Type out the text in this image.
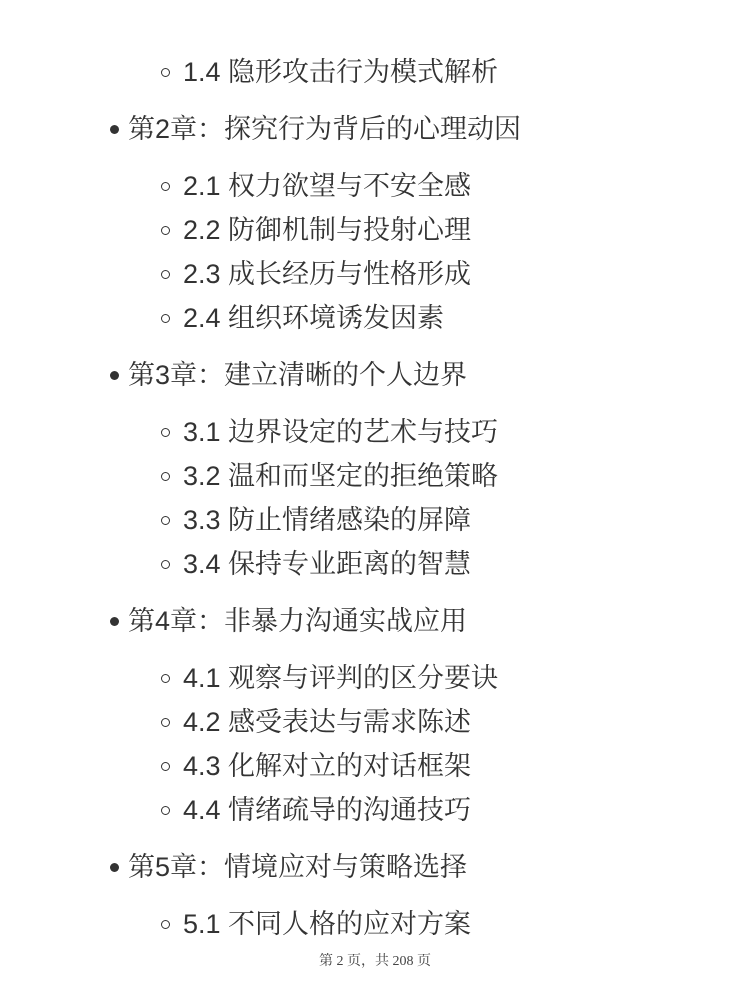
1.4 隐形攻击行为模式解析
第2章：探究行为背后的心理动因
2.1 权力欲望与不安全感
2.2 防御机制与投射心理
2.3 成长经历与性格形成
2.4 组织环境诱发因素
第3章：建立清晰的个人边界
3.1 边界设定的艺术与技巧
3.2 温和而坚定的拒绝策略
3.3 防止情绪感染的屏障
3.4 保持专业距离的智慧
第4章：非暴力沟通实战应用
4.1 观察与评判的区分要诀
4.2 感受表达与需求陈述
4.3 化解对立的对话框架
4.4 情绪疏导的沟通技巧
第5章：情境应对与策略选择
5.1 不同人格的应对方案
第 2 页，共 208 页
